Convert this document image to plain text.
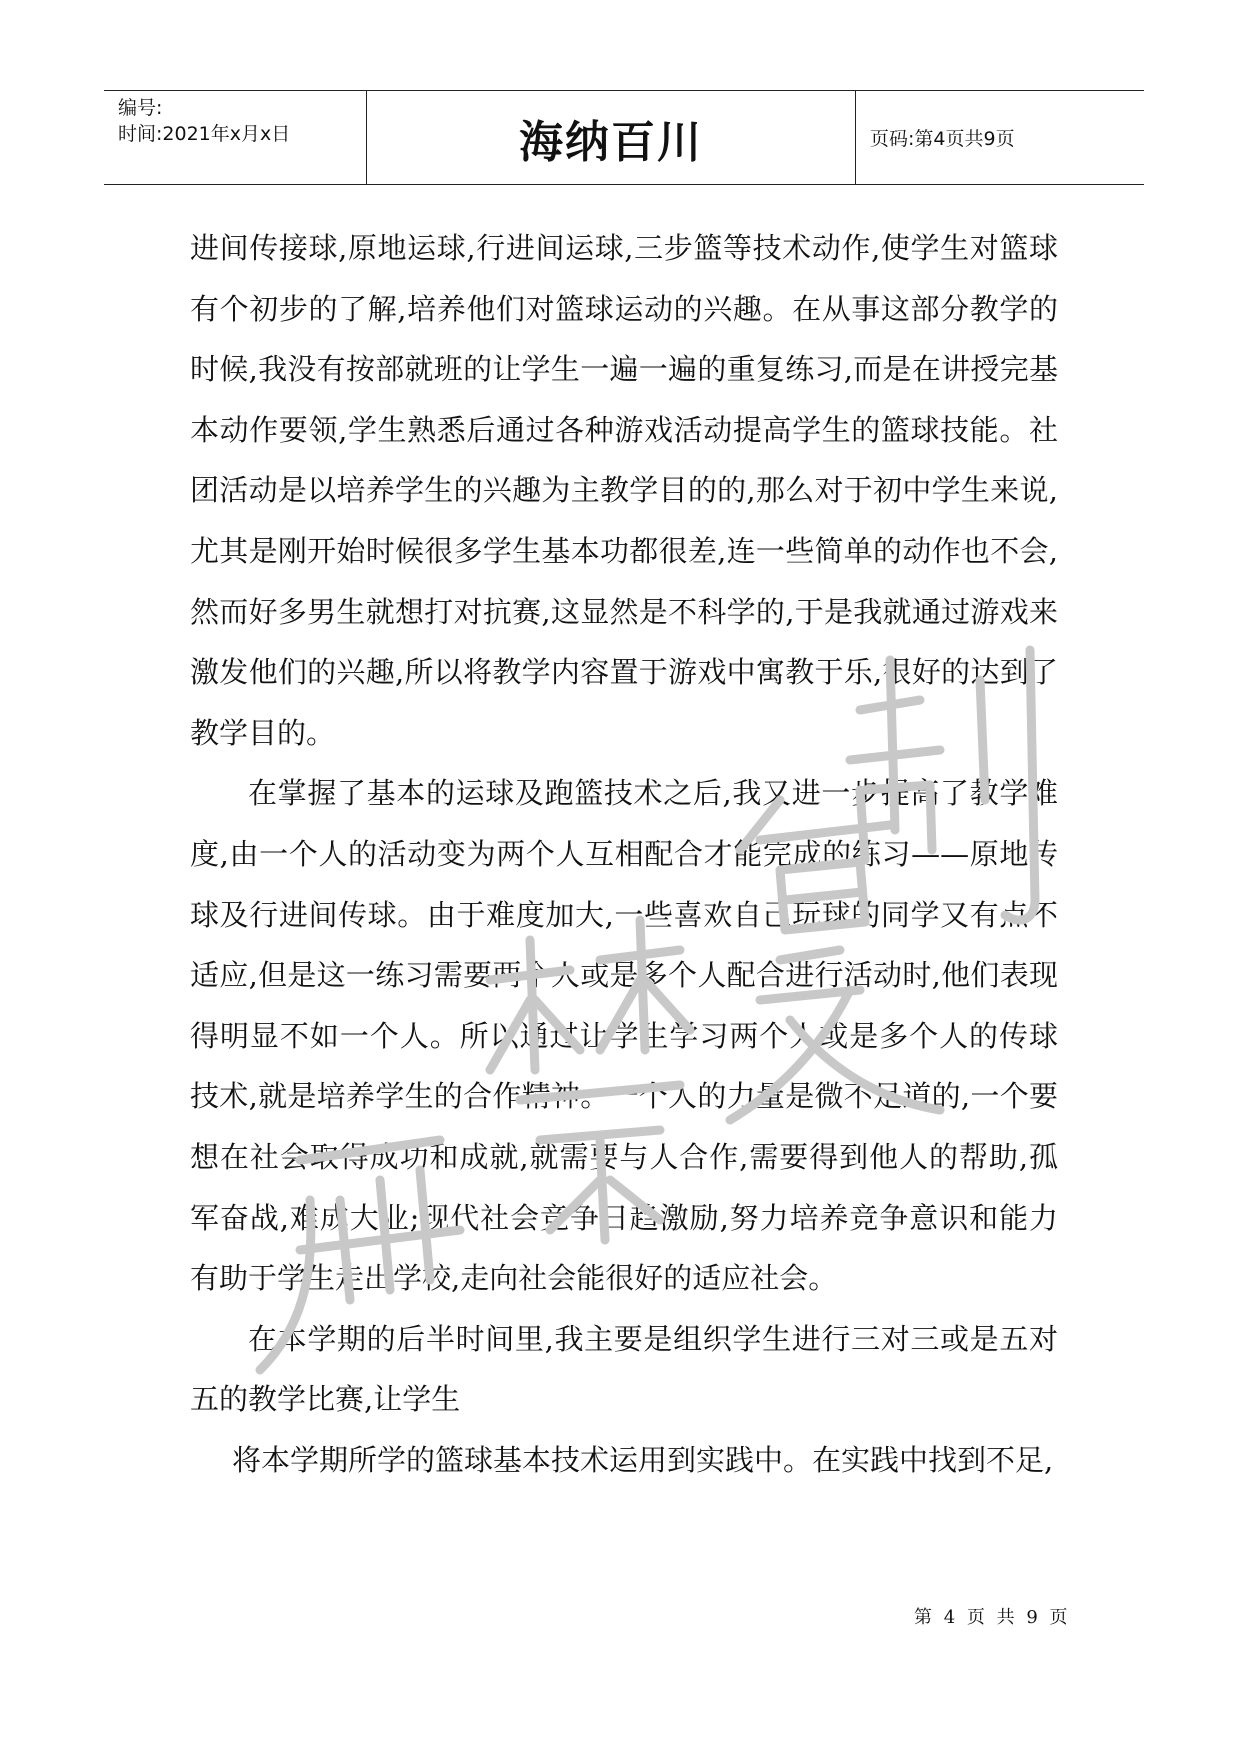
编号:
时间:2021年x月x日	海纳百川	页码:第4页共9页

进间传接球,原地运球,行进间运球,三步篮等技术动作,使学生对篮球有个初步的了解,培养他们对篮球运动的兴趣。在从事这部分教学的时候,我没有按部就班的让学生一遍一遍的重复练习,而是在讲授完基本动作要领,学生熟悉后通过各种游戏活动提高学生的篮球技能。社团活动是以培养学生的兴趣为主教学目的的,那么对于初中学生来说,尤其是刚开始时候很多学生基本功都很差,连一些简单的动作也不会,然而好多男生就想打对抗赛,这显然是不科学的,于是我就通过游戏来激发他们的兴趣,所以将教学内容置于游戏中寓教于乐,很好的达到了教学目的。

在掌握了基本的运球及跑篮技术之后,我又进一步提高了教学难度,由一个人的活动变为两个人互相配合才能完成的练习——原地传球及行进间传球。由于难度加大,一些喜欢自己玩球的同学又有点不适应,但是这一练习需要两个人或是多个人配合进行活动时,他们表现得明显不如一个人。所以通过让学生学习两个人或是多个人的传球技术,就是培养学生的合作精神。一个人的力量是微不足道的,一个要想在社会取得成功和成就,就需要与人合作,需要得到他人的帮助,孤军奋战,难成大业;现代社会竞争日趋激励,努力培养竞争意识和能力有助于学生走出学校,走向社会能很好的适应社会。

在本学期的后半时间里,我主要是组织学生进行三对三或是五对五的教学比赛,让学生

将本学期所学的篮球基本技术运用到实践中。在实践中找到不足,

第 4 页 共 9 页
